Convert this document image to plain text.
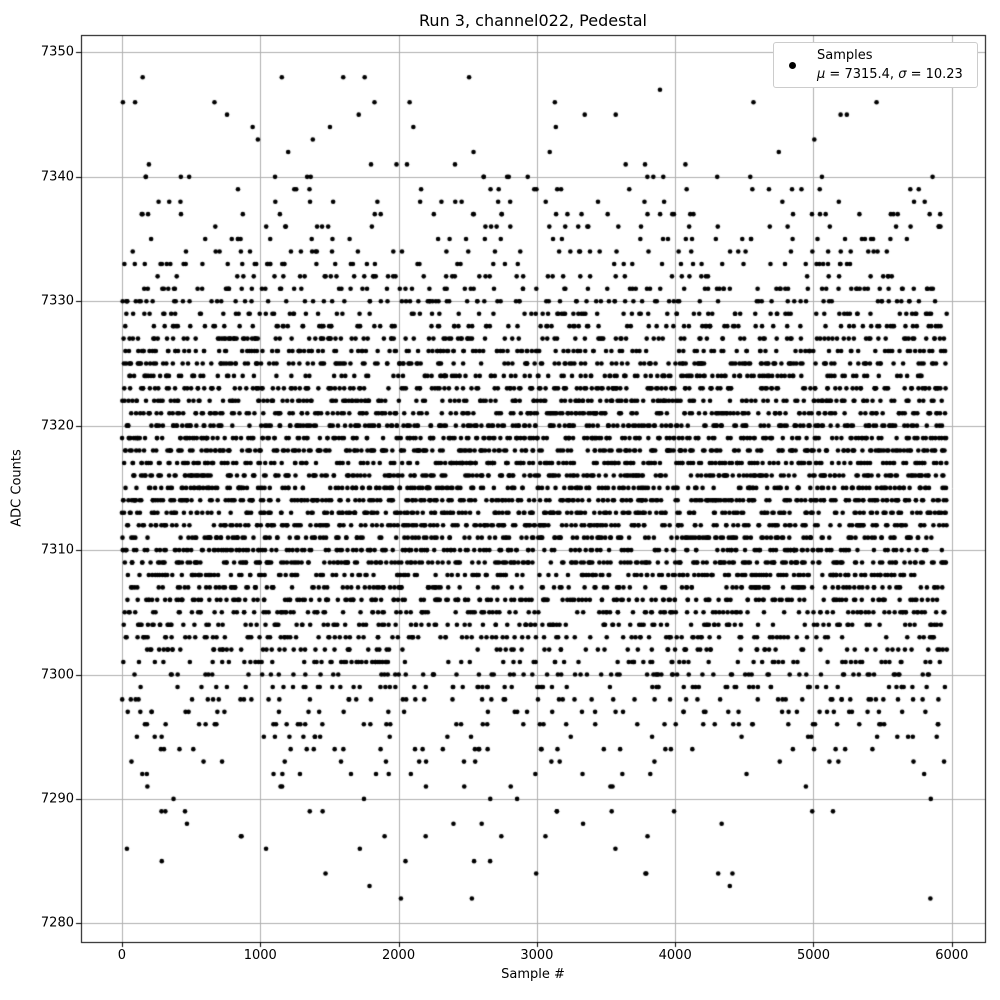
Run 3, channel022, Pedestal
Sample #
ADC Counts
0	1000	2000	3000	4000	5000	6000
7280
7290
7300
7310
7320
7330
7340
7350	Samples
μ = 7315.4, σ = 10.23
